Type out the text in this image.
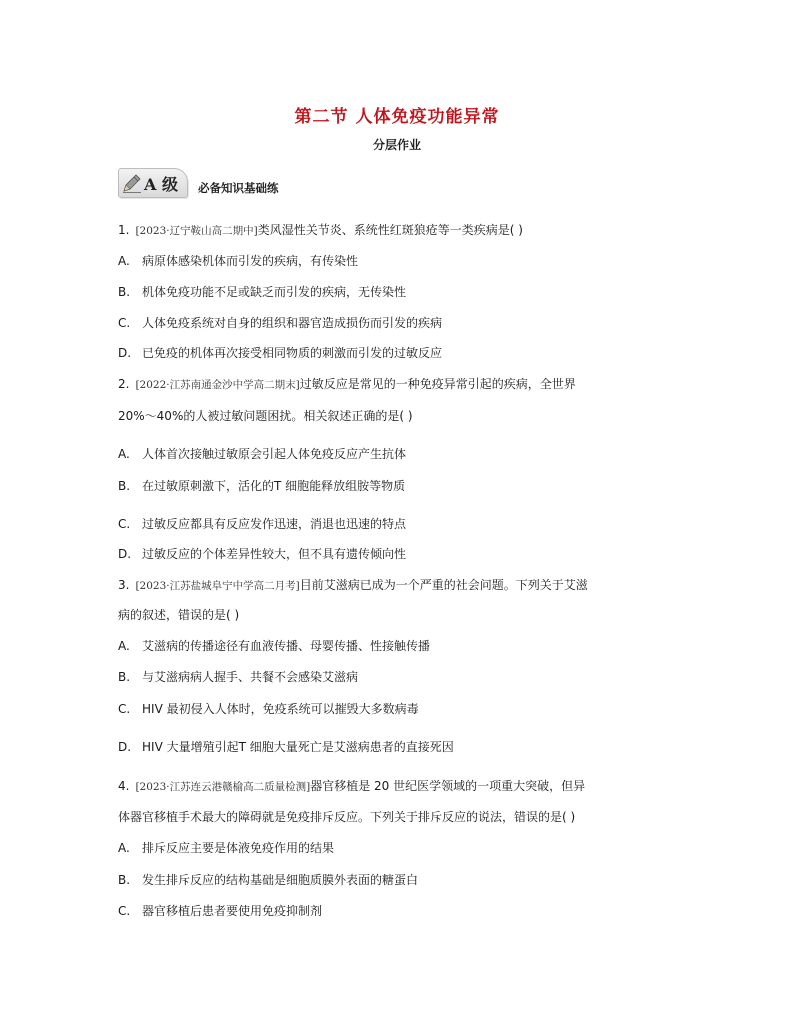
第二节 人体免疫功能异常
分层作业
A 级 必备知识基础练
1. [2023·辽宁鞍山高二期中]类风湿性关节炎、系统性红斑狼疮等一类疾病是( )
A. 病原体感染机体而引发的疾病，有传染性
B. 机体免疫功能不足或缺乏而引发的疾病，无传染性
C. 人体免疫系统对自身的组织和器官造成损伤而引发的疾病
D. 已免疫的机体再次接受相同物质的刺激而引发的过敏反应
2. [2022·江苏南通金沙中学高二期末]过敏反应是常见的一种免疫异常引起的疾病，全世界
20%～40%的人被过敏问题困扰。相关叙述正确的是( )
A. 人体首次接触过敏原会引起人体免疫反应产生抗体
B. 在过敏原刺激下，活化的T 细胞能释放组胺等物质
C. 过敏反应都具有反应发作迅速，消退也迅速的特点
D. 过敏反应的个体差异性较大，但不具有遗传倾向性
3. [2023·江苏盐城阜宁中学高二月考]目前艾滋病已成为一个严重的社会问题。下列关于艾滋
病的叙述，错误的是( )
A. 艾滋病的传播途径有血液传播、母婴传播、性接触传播
B. 与艾滋病病人握手、共餐不会感染艾滋病
C. HIV 最初侵入人体时，免疫系统可以摧毁大多数病毒
D. HIV 大量增殖引起T 细胞大量死亡是艾滋病患者的直接死因
4. [2023·江苏连云港赣榆高二质量检测]器官移植是 20 世纪医学领域的一项重大突破，但异
体器官移植手术最大的障碍就是免疫排斥反应。下列关于排斥反应的说法，错误的是( )
A. 排斥反应主要是体液免疫作用的结果
B. 发生排斥反应的结构基础是细胞质膜外表面的糖蛋白
C. 器官移植后患者要使用免疫抑制剂
